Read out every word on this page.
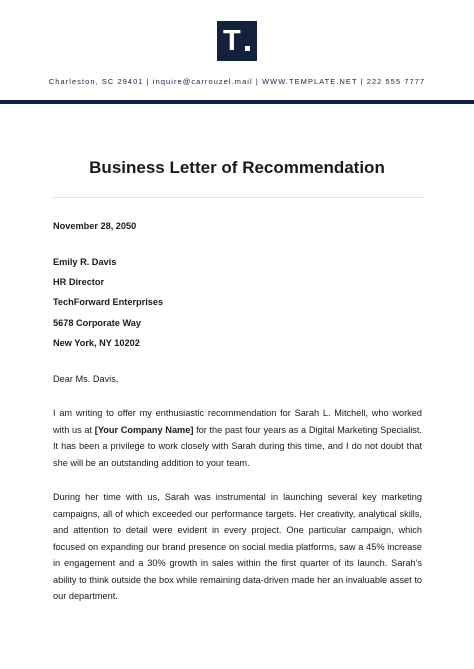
T
Charleston, SC 29401 | inquire@carrouzel.mail | WWW.TEMPLATE.NET | 222 555 7777
Business Letter of Recommendation
November 28, 2050
Emily R. Davis
HR Director
TechForward Enterprises
5678 Corporate Way
New York, NY 10202
Dear Ms. Davis,
I am writing to offer my enthusiastic recommendation for Sarah L. Mitchell, who worked with us at [Your Company Name] for the past four years as a Digital Marketing Specialist. It has been a privilege to work closely with Sarah during this time, and I do not doubt that she will be an outstanding addition to your team.
During her time with us, Sarah was instrumental in launching several key marketing campaigns, all of which exceeded our performance targets. Her creativity, analytical skills, and attention to detail were evident in every project. One particular campaign, which focused on expanding our brand presence on social media platforms, saw a 45% increase in engagement and a 30% growth in sales within the first quarter of its launch. Sarah's ability to think outside the box while remaining data-driven made her an invaluable asset to our department.
